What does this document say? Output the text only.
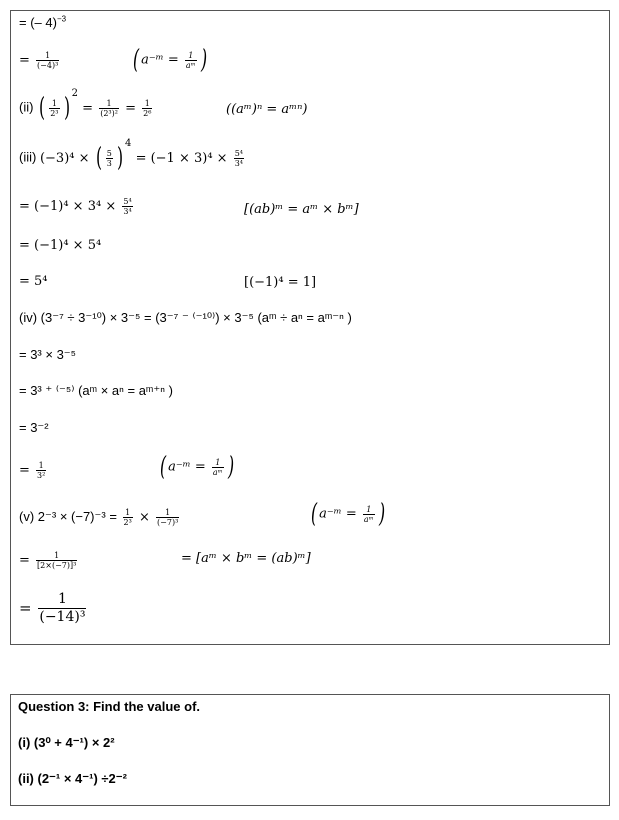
= (– 4)$^{-3}$
= $\frac{1}{\text{(−4)³}}$	( a⁻ᵐ = $\frac{1}{\text{aᵐ}}$ )
(ii) ( $\frac{1}{\text{2³}}$ ) $^2 = \frac{1}{\text{(2³)²}} = \frac{1}{\text{2⁶}}$	((aᵐ)ⁿ = aᵐⁿ)
(iii) (−3)⁴ × ( $\frac{5}{3}$ ) $^4 = (-1 \times 3)^4 \times \frac{\text{5⁴}}{\text{3⁴}}$
= $(-1)^4 \times 3^4 \times \frac{\text{5⁴}}{\text{3⁴}}$	[(ab)ᵐ = aᵐ × bᵐ]
= (−1)⁴ × 5⁴
= 5⁴	[(−1)⁴ = 1]
(iv) (3⁻⁷ ÷ 3⁻¹⁰) × 3⁻⁵ = (3⁻⁷ ⁻ ⁽⁻¹⁰⁾) × 3⁻⁵ (aᵐ ÷ aⁿ = aᵐ⁻ⁿ )
= 3³ × 3⁻⁵
= 3³ ⁺ ⁽⁻⁵⁾ (aᵐ × aⁿ = aᵐ⁺ⁿ )
= 3⁻²
= $\frac{1}{\text{3²}}$	( a⁻ᵐ = $\frac{1}{\text{aᵐ}}$ )
(v) $2^{-3} \times (-7)^{-3} = \frac{1}{\text{2³}} \times \frac{1}{\text{(−7)³}}$	( a⁻ᵐ = $\frac{1}{\text{aᵐ}}$ )
= $\frac{1}{\text{[2×(−7)]³}}$	= [aᵐ × bᵐ = (ab)ᵐ]
= $\frac{1}{\text{(−14)³}}$
Question 3: Find the value of.
(i) (3⁰ + 4⁻¹) × 2²
(ii) (2⁻¹ × 4⁻¹) ÷2⁻²
